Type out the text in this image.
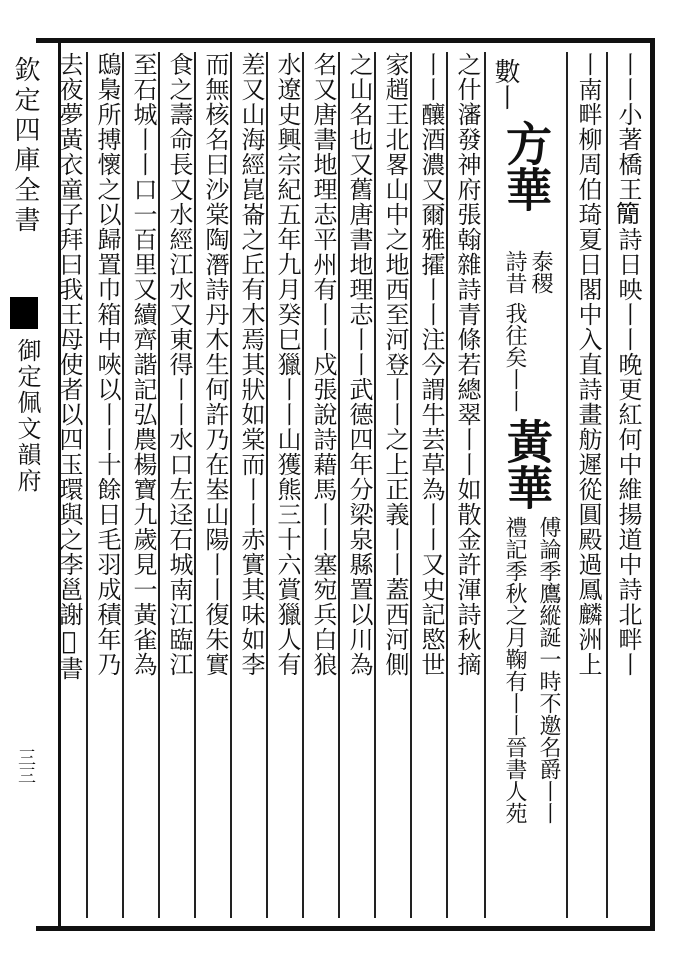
欽定四庫全書
御定佩文韻府
三三
丨丨小著橋王𥳑詩日映丨丨晚更紅何中維揚道中詩北畔丨
丨南畔柳周伯琦夏日閣中入直詩畫舫遲從圓殿過鳳麟洲上
數丨
方華
詩昔 泰稷
我往矣丨丨
黃華
禮記季秋之月鞠有丨丨晉書人苑 傅論季鷹縱誕一時不邀名爵丨丨
之什瀋發神府張翰雜詩青條若總翠丨丨如散金許渾詩秋摘
丨丨釀酒濃又爾雅攉丨丨注今謂牛芸草為丨丨又史記愍世
家趙王北畧山中之地西至河登丨丨之上正義丨丨蓋西河側
之山名也又舊唐書地理志丨丨武德四年分梁泉縣置以川為
名又唐書地理志平州有丨丨戍張說詩藉馬丨丨塞宛兵白狼
水遼史興宗紀五年九月癸巳獵丨丨山獲熊三十六賞獵人有
差又山海經崑崙之丘有木焉其狀如棠而丨丨赤實其味如李
而無核名曰沙棠陶潛詩丹木生何許乃在峚山陽丨丨復朱實
食之壽命長又水經江水又東得丨丨水口左迳石城南江臨江
至石城丨丨口一百里又續齊諧記弘農楊寶九歲見一黃雀為
鴟梟所搏懷之以歸置巾箱中唊以丨丨十餘日毛羽成積年乃
去夜夢黃衣童子拜曰我王母使者以四玉環與之李邕謝𠡠書
